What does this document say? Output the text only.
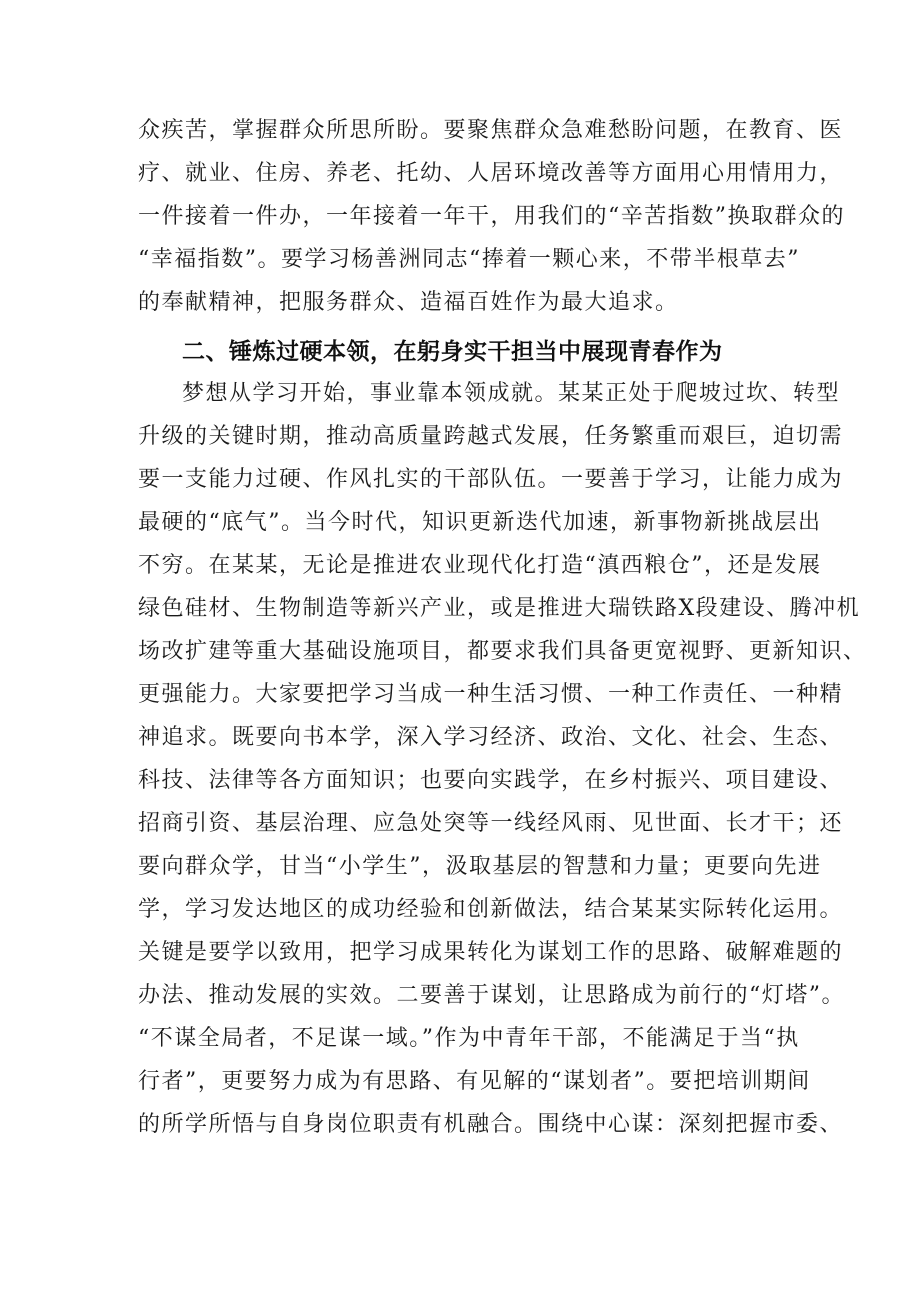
众疾苦，掌握群众所思所盼。要聚焦群众急难愁盼问题，在教育、医
疗、就业、住房、养老、托幼、人居环境改善等方面用心用情用力，
一件接着一件办，一年接着一年干，用我们的“辛苦指数”换取群众的
“幸福指数”。要学习杨善洲同志“捧着一颗心来，不带半根草去”
的奉献精神，把服务群众、造福百姓作为最大追求。
二、锤炼过硬本领，在躬身实干担当中展现青春作为
梦想从学习开始，事业靠本领成就。某某正处于爬坡过坎、转型
升级的关键时期，推动高质量跨越式发展，任务繁重而艰巨，迫切需
要一支能力过硬、作风扎实的干部队伍。一要善于学习，让能力成为
最硬的“底气”。当今时代，知识更新迭代加速，新事物新挑战层出
不穷。在某某，无论是推进农业现代化打造“滇西粮仓”，还是发展
绿色硅材、生物制造等新兴产业，或是推进大瑞铁路X段建设、腾冲机
场改扩建等重大基础设施项目，都要求我们具备更宽视野、更新知识、
更强能力。大家要把学习当成一种生活习惯、一种工作责任、一种精
神追求。既要向书本学，深入学习经济、政治、文化、社会、生态、
科技、法律等各方面知识；也要向实践学，在乡村振兴、项目建设、
招商引资、基层治理、应急处突等一线经风雨、见世面、长才干；还
要向群众学，甘当“小学生”，汲取基层的智慧和力量；更要向先进
学，学习发达地区的成功经验和创新做法，结合某某实际转化运用。
关键是要学以致用，把学习成果转化为谋划工作的思路、破解难题的
办法、推动发展的实效。二要善于谋划，让思路成为前行的“灯塔”。
“不谋全局者，不足谋一域。”作为中青年干部，不能满足于当“执
行者”，更要努力成为有思路、有见解的“谋划者”。要把培训期间
的所学所悟与自身岗位职责有机融合。围绕中心谋：深刻把握市委、
